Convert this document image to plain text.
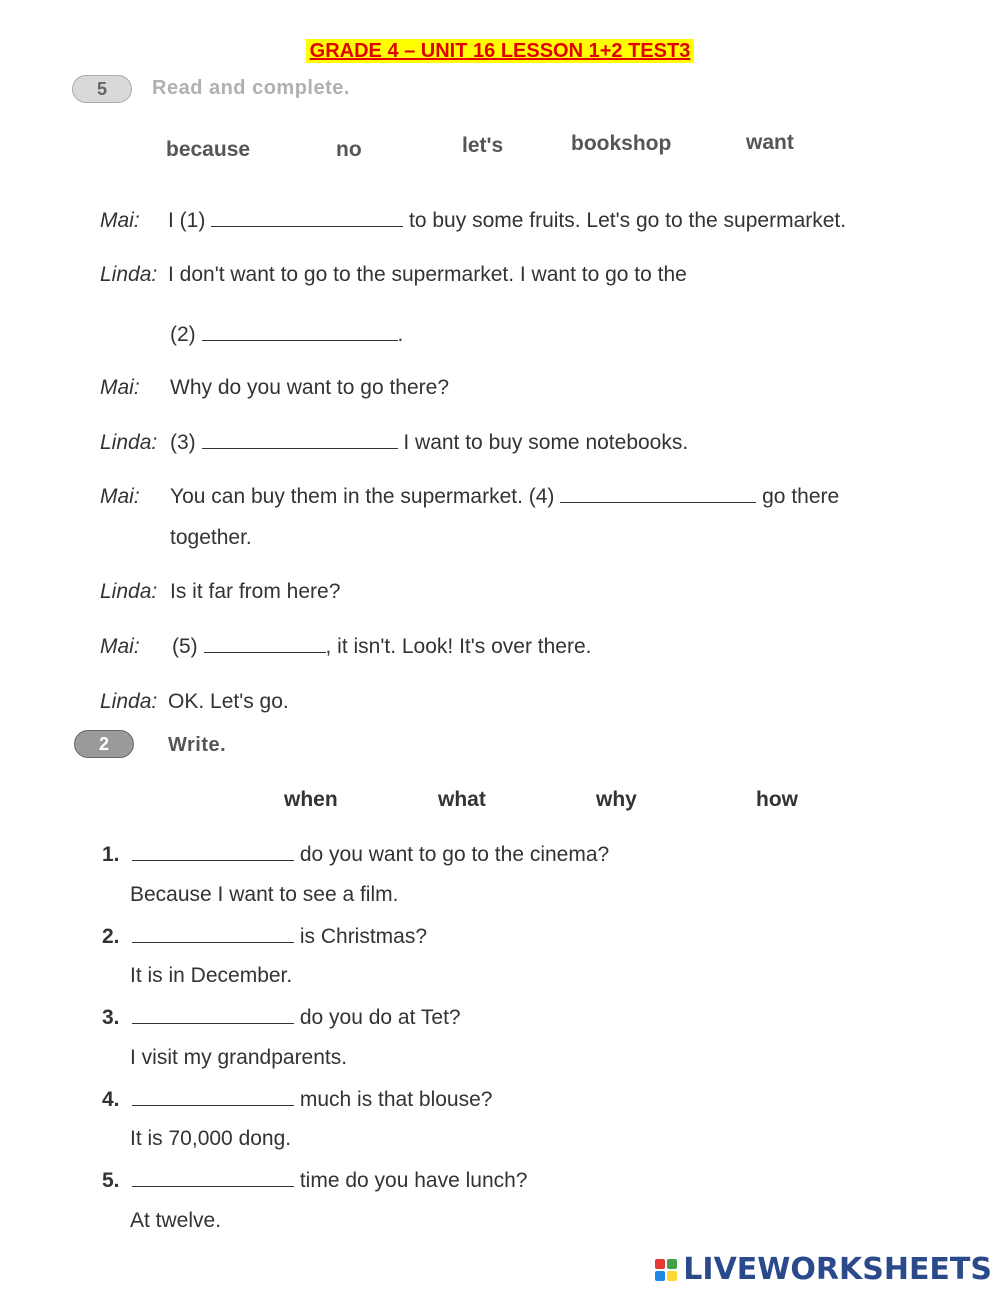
GRADE 4 – UNIT 16 LESSON 1+2 TEST3
5	Read and complete.
because	no	let's	bookshop	want
Mai: I (1)	to buy some fruits. Let's go to the supermarket.
Linda: I don't want to go to the supermarket. I want to go to the
(2)	.
Mai: Why do you want to go there?
Linda: (3)	I want to buy some notebooks.
Mai: You can buy them in the supermarket. (4)	go there
together.
Linda: Is it far from here?
Mai: (5)	, it isn't. Look! It's over there.
Linda: OK. Let's go.
2	Write.
when	what	why	how
1.	do you want to go to the cinema?
Because I want to see a film.
2.	is Christmas?
It is in December.
3.	do you do at Tet?
I visit my grandparents.
4.	much is that blouse?
It is 70,000 dong.
5.	time do you have lunch?
At twelve.
LIVEWORKSHEETS
